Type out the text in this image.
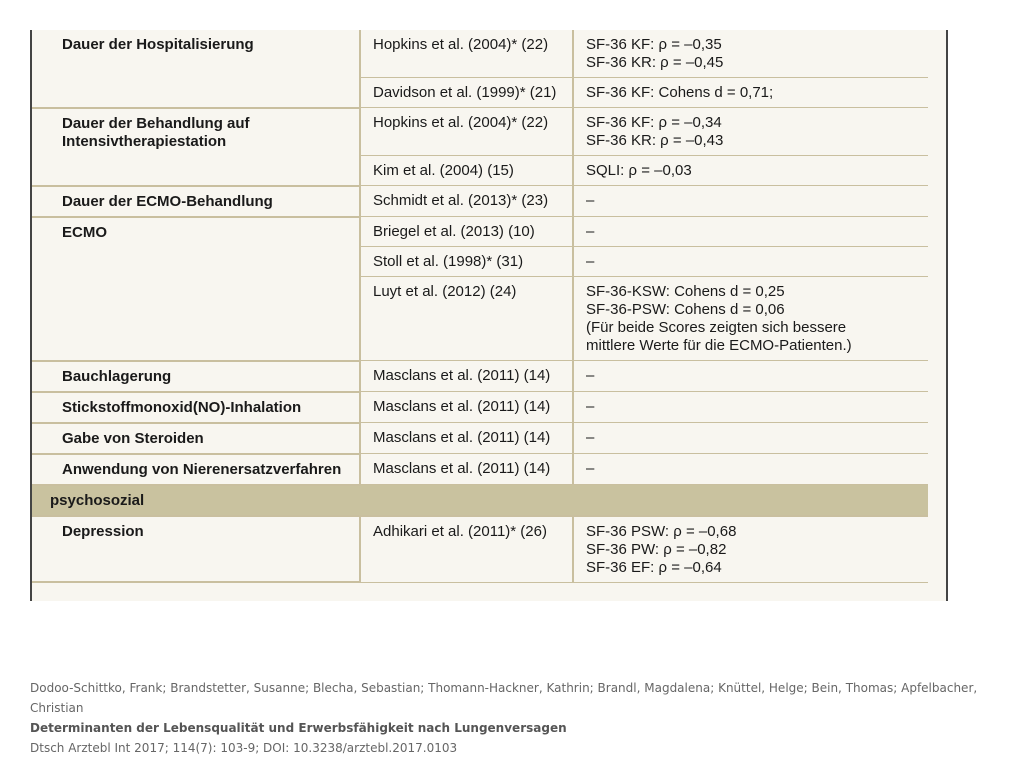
Dauer der Hospitalisierung	Hopkins et al. (2004)* (22)	SF-36 KF: ρ = –0,35
SF-36 KR: ρ = –0,45

	Davidson et al. (1999)* (21)	SF-36 KF: Cohens d = 0,71;

Dauer der Behandlung auf
Intensivtherapiestation	Hopkins et al. (2004)* (22)	SF-36 KF: ρ = –0,34
SF-36 KR: ρ = –0,43

	Kim et al. (2004) (15)	SQLI: ρ = –0,03

Dauer der ECMO-Behandlung	Schmidt et al. (2013)* (23)	–

ECMO	Briegel et al. (2013) (10)	–

	Stoll et al. (1998)* (31)	–

	Luyt et al. (2012) (24)	SF-36-KSW: Cohens d = 0,25
SF-36-PSW: Cohens d = 0,06
(Für beide Scores zeigten sich bessere
mittlere Werte für die ECMO-Patienten.)

Bauchlagerung	Masclans et al. (2011) (14)	–

Stickstoffmonoxid(NO)-Inhalation	Masclans et al. (2011) (14)	–

Gabe von Steroiden	Masclans et al. (2011) (14)	–

Anwendung von Nierenersatzverfahren	Masclans et al. (2011) (14)	–

psychosozial		

Depression	Adhikari et al. (2011)* (26)	SF-36 PSW: ρ = –0,68
SF-36 PW: ρ = –0,82
SF-36 EF: ρ = –0,64
Dodoo-Schittko, Frank; Brandstetter, Susanne; Blecha, Sebastian; Thomann-Hackner, Kathrin; Brandl, Magdalena; Knüttel, Helge; Bein, Thomas; Apfelbacher, Christian
Determinanten der Lebensqualität und Erwerbsfähigkeit nach Lungenversagen
Dtsch Arztebl Int 2017; 114(7): 103-9; DOI: 10.3238/arztebl.2017.0103
